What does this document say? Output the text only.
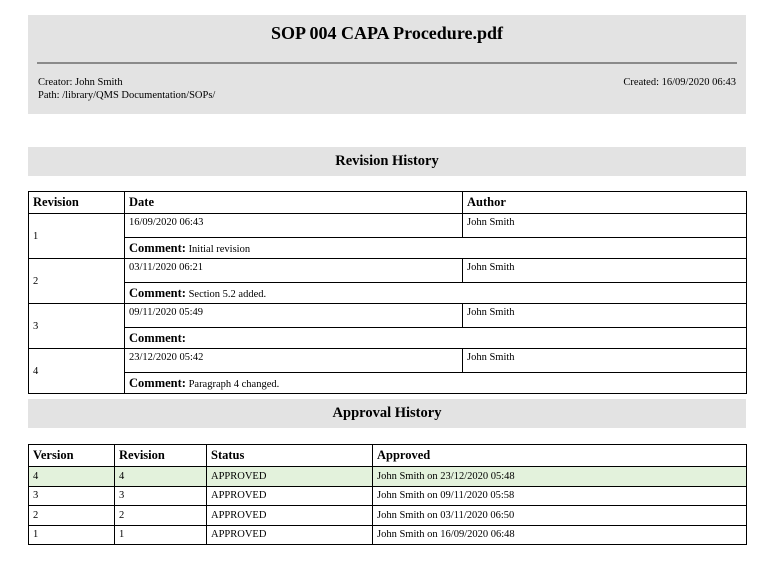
SOP 004 CAPA Procedure.pdf
Creator: John Smith
Path: /library/QMS Documentation/SOPs/
Created: 16/09/2020 06:43
Revision History
Revision	Date	Author
1	16/09/2020 06:43	John Smith
	Comment: Initial revision	
2	03/11/2020 06:21	John Smith
	Comment: Section 5.2 added.	
3	09/11/2020 05:49	John Smith
	Comment:	
4	23/12/2020 05:42	John Smith
	Comment: Paragraph 4 changed.	
Approval History
Version	Revision	Status	Approved
4	4	APPROVED	John Smith on 23/12/2020 05:48
3	3	APPROVED	John Smith on 09/11/2020 05:58
2	2	APPROVED	John Smith on 03/11/2020 06:50
1	1	APPROVED	John Smith on 16/09/2020 06:48
